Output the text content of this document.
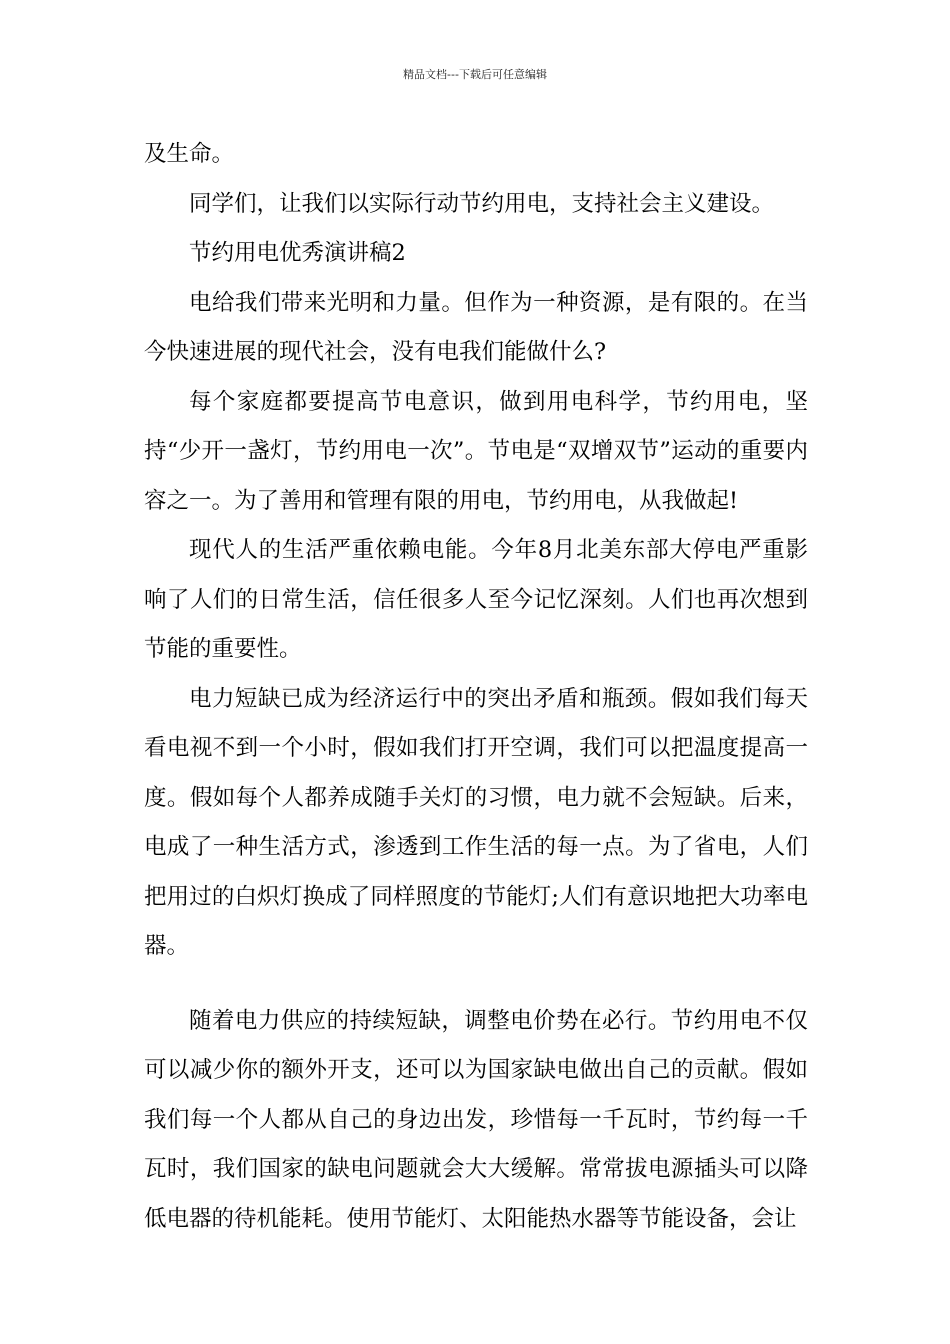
精品文档---下载后可任意编辑

及生命。

同学们，让我们以实际行动节约用电，支持社会主义建设。

节约用电优秀演讲稿2

电给我们带来光明和力量。但作为一种资源，是有限的。在当今快速进展的现代社会，没有电我们能做什么?

每个家庭都要提高节电意识，做到用电科学，节约用电，坚持“少开一盏灯，节约用电一次”。节电是“双增双节”运动的重要内容之一。为了善用和管理有限的用电，节约用电，从我做起!

现代人的生活严重依赖电能。今年8月北美东部大停电严重影响了人们的日常生活，信任很多人至今记忆深刻。人们也再次想到节能的重要性。

电力短缺已成为经济运行中的突出矛盾和瓶颈。假如我们每天看电视不到一个小时，假如我们打开空调，我们可以把温度提高一度。假如每个人都养成随手关灯的习惯，电力就不会短缺。后来，电成了一种生活方式，渗透到工作生活的每一点。为了省电，人们把用过的白炽灯换成了同样照度的节能灯;人们有意识地把大功率电器。

随着电力供应的持续短缺，调整电价势在必行。节约用电不仅可以减少你的额外开支，还可以为国家缺电做出自己的贡献。假如我们每一个人都从自己的身边出发，珍惜每一千瓦时，节约每一千瓦时，我们国家的缺电问题就会大大缓解。常常拔电源插头可以降低电器的待机能耗。使用节能灯、太阳能热水器等节能设备，会让
